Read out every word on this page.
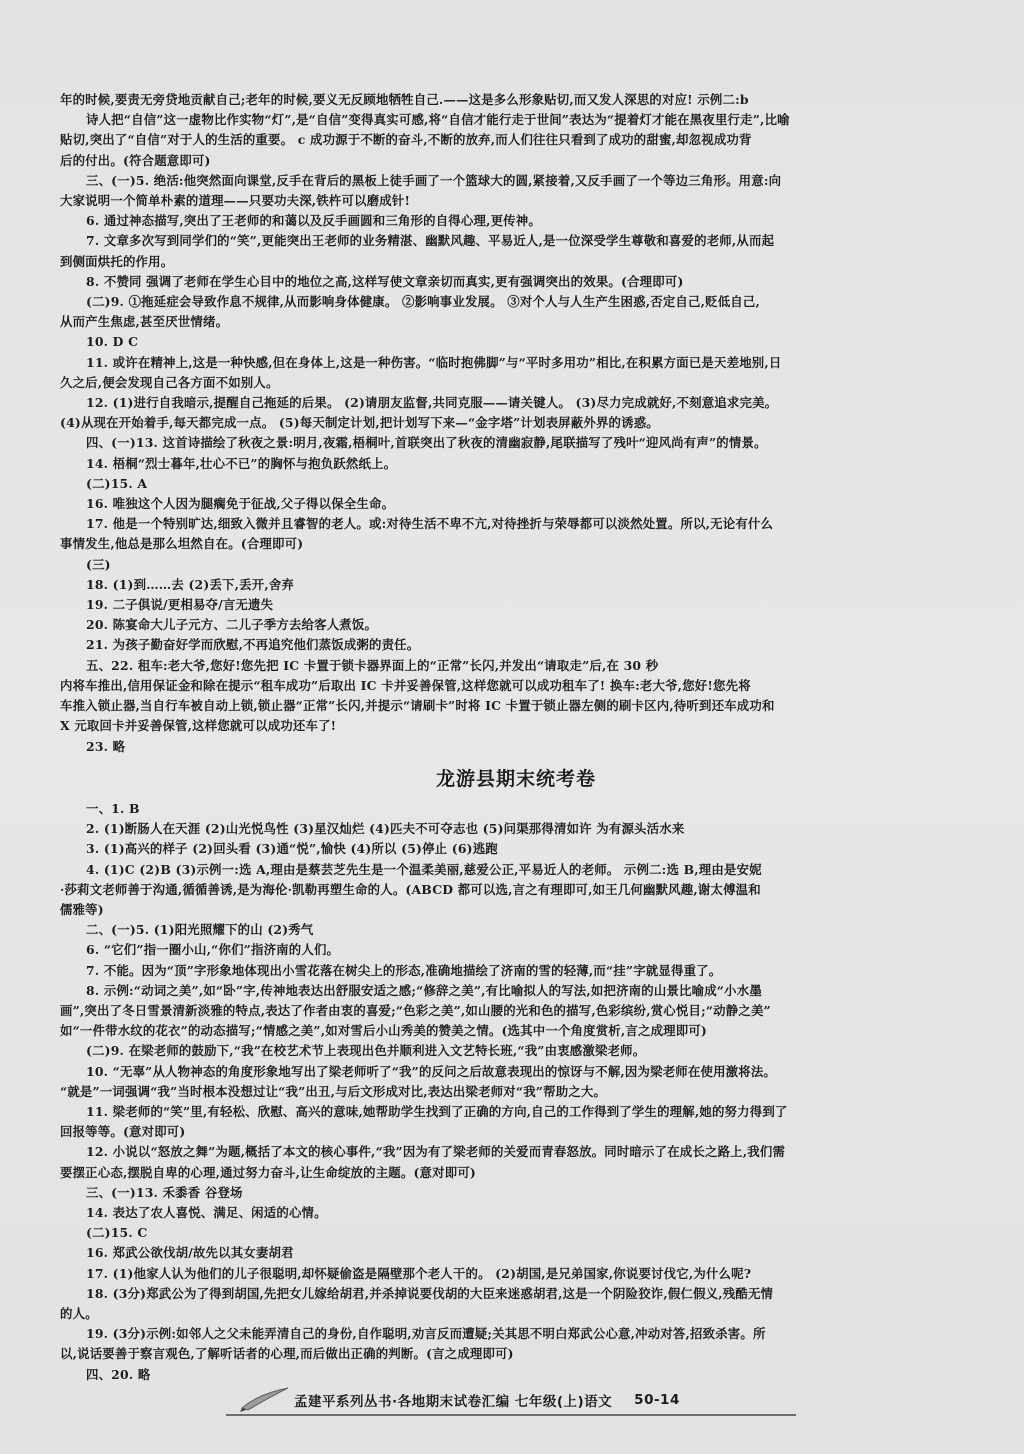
年的时候,要责无旁贷地贡献自己;老年的时候,要义无反顾地牺牲自己.——这是多么形象贴切,而又发人深思的对应! 示例二:b
诗人把“自信”这一虚物比作实物“灯”,是“自信”变得真实可感,将“自信才能行走于世间”表达为“提着灯才能在黑夜里行走”,比喻
贴切,突出了“自信”对于人的生活的重要。 c 成功源于不断的奋斗,不断的放弃,而人们往往只看到了成功的甜蜜,却忽视成功背
后的付出。(符合题意即可)
三、(一)5. 绝活:他突然面向课堂,反手在背后的黑板上徒手画了一个篮球大的圆,紧接着,又反手画了一个等边三角形。用意:向
大家说明一个简单朴素的道理——只要功夫深,铁杵可以磨成针!
6. 通过神态描写,突出了王老师的和蔼以及反手画圆和三角形的自得心理,更传神。
7. 文章多次写到同学们的“笑”,更能突出王老师的业务精湛、幽默风趣、平易近人,是一位深受学生尊敬和喜爱的老师,从而起
到侧面烘托的作用。
8. 不赞同 强调了老师在学生心目中的地位之高,这样写使文章亲切而真实,更有强调突出的效果。(合理即可)
(二)9. ①拖延症会导致作息不规律,从而影响身体健康。 ②影响事业发展。 ③对个人与人生产生困惑,否定自己,贬低自己,
从而产生焦虑,甚至厌世情绪。
10. D C
11. 或许在精神上,这是一种快感,但在身体上,这是一种伤害。“临时抱佛脚”与“平时多用功”相比,在积累方面已是天差地别,日
久之后,便会发现自己各方面不如别人。
12. (1)进行自我暗示,提醒自己拖延的后果。 (2)请朋友监督,共同克服——请关键人。 (3)尽力完成就好,不刻意追求完美。
(4)从现在开始着手,每天都完成一点。 (5)每天制定计划,把计划写下来—“金字塔”计划表屏蔽外界的诱惑。
四、(一)13. 这首诗描绘了秋夜之景:明月,夜霜,梧桐叶,首联突出了秋夜的清幽寂静,尾联描写了残叶“迎风尚有声”的情景。
14. 梧桐“烈士暮年,壮心不已”的胸怀与抱负跃然纸上。
(二)15. A
16. 唯独这个人因为腿瘸免于征战,父子得以保全生命。
17. 他是一个特别旷达,细致入微并且睿智的老人。或:对待生活不卑不亢,对待挫折与荣辱都可以淡然处置。所以,无论有什么
事情发生,他总是那么坦然自在。(合理即可)
(三)
18. (1)到……去 (2)丢下,丢开,舍弃
19. 二子俱说/更相易夺/言无遗失
20. 陈宴命大儿子元方、二儿子季方去给客人煮饭。
21. 为孩子勤奋好学而欣慰,不再追究他们蒸饭成粥的责任。
五、22. 租车:老大爷,您好!您先把 IC 卡置于锁卡器界面上的“正常”长闪,并发出“请取走”后,在 30 秒
内将车推出,信用保证金和除在提示“租车成功”后取出 IC 卡并妥善保管,这样您就可以成功租车了! 换车:老大爷,您好!您先将
车推入锁止器,当自行车被自动上锁,锁止器“正常”长闪,并提示“请刷卡”时将 IC 卡置于锁止器左侧的刷卡区内,待听到还车成功和
X 元取回卡并妥善保管,这样您就可以成功还车了!
23. 略
龙游县期末统考卷
一、1. B
2. (1)断肠人在天涯 (2)山光悦鸟性 (3)星汉灿烂 (4)匹夫不可夺志也 (5)问渠那得清如许 为有源头活水来
3. (1)高兴的样子 (2)回头看 (3)通“悦”,愉快 (4)所以 (5)停止 (6)逃跑
4. (1)C (2)B (3)示例一:选 A,理由是蔡芸芝先生是一个温柔美丽,慈爱公正,平易近人的老师。 示例二:选 B,理由是安妮
·莎莉文老师善于沟通,循循善诱,是为海伦·凯勒再塑生命的人。(ABCD 都可以选,言之有理即可,如王几何幽默风趣,谢太傅温和
儒雅等)
二、(一)5. (1)阳光照耀下的山 (2)秀气
6. “它们”指一圈小山,“你们”指济南的人们。
7. 不能。因为“顶”字形象地体现出小雪花落在树尖上的形态,准确地描绘了济南的雪的轻薄,而“挂”字就显得重了。
8. 示例:“动词之美”,如“卧”字,传神地表达出舒服安适之感;“修辞之美”,有比喻拟人的写法,如把济南的山景比喻成“小水墨
画”,突出了冬日雪景清新淡雅的特点,表达了作者由衷的喜爱;“色彩之美”,如山腰的光和色的描写,色彩缤纷,赏心悦目;“动静之美”
如“一件带水纹的花衣”的动态描写;“情感之美”,如对雪后小山秀美的赞美之情。(选其中一个角度赏析,言之成理即可)
(二)9. 在梁老师的鼓励下,“我”在校艺术节上表现出色并顺利进入文艺特长班,“我”由衷感激梁老师。
10. “无辜”从人物神态的角度形象地写出了梁老师听了“我”的反问之后故意表现出的惊讶与不解,因为梁老师在使用激将法。
“就是”一词强调“我”当时根本没想过让“我”出丑,与后文形成对比,表达出梁老师对“我”帮助之大。
11. 梁老师的“笑”里,有轻松、欣慰、高兴的意味,她帮助学生找到了正确的方向,自己的工作得到了学生的理解,她的努力得到了
回报等等。(意对即可)
12. 小说以“怒放之舞”为题,概括了本文的核心事件,“我”因为有了梁老师的关爱而青春怒放。同时暗示了在成长之路上,我们需
要摆正心态,摆脱自卑的心理,通过努力奋斗,让生命绽放的主题。(意对即可)
三、(一)13. 禾黍香 谷登场
14. 表达了农人喜悦、满足、闲适的心情。
(二)15. C
16. 郑武公欲伐胡/故先以其女妻胡君
17. (1)他家人认为他们的儿子很聪明,却怀疑偷盗是隔壁那个老人干的。 (2)胡国,是兄弟国家,你说要讨伐它,为什么呢?
18. (3分)郑武公为了得到胡国,先把女儿嫁给胡君,并杀掉说要伐胡的大臣来迷惑胡君,这是一个阴险狡诈,假仁假义,残酷无情
的人。
19. (3分)示例:如邻人之父未能弄清自己的身份,自作聪明,劝言反而遭疑;关其思不明白郑武公心意,冲动对答,招致杀害。所
以,说话要善于察言观色,了解听话者的心理,而后做出正确的判断。(言之成理即可)
四、20. 略
孟建平系列丛书·各地期末试卷汇编 七年级(上)语文 50-14
